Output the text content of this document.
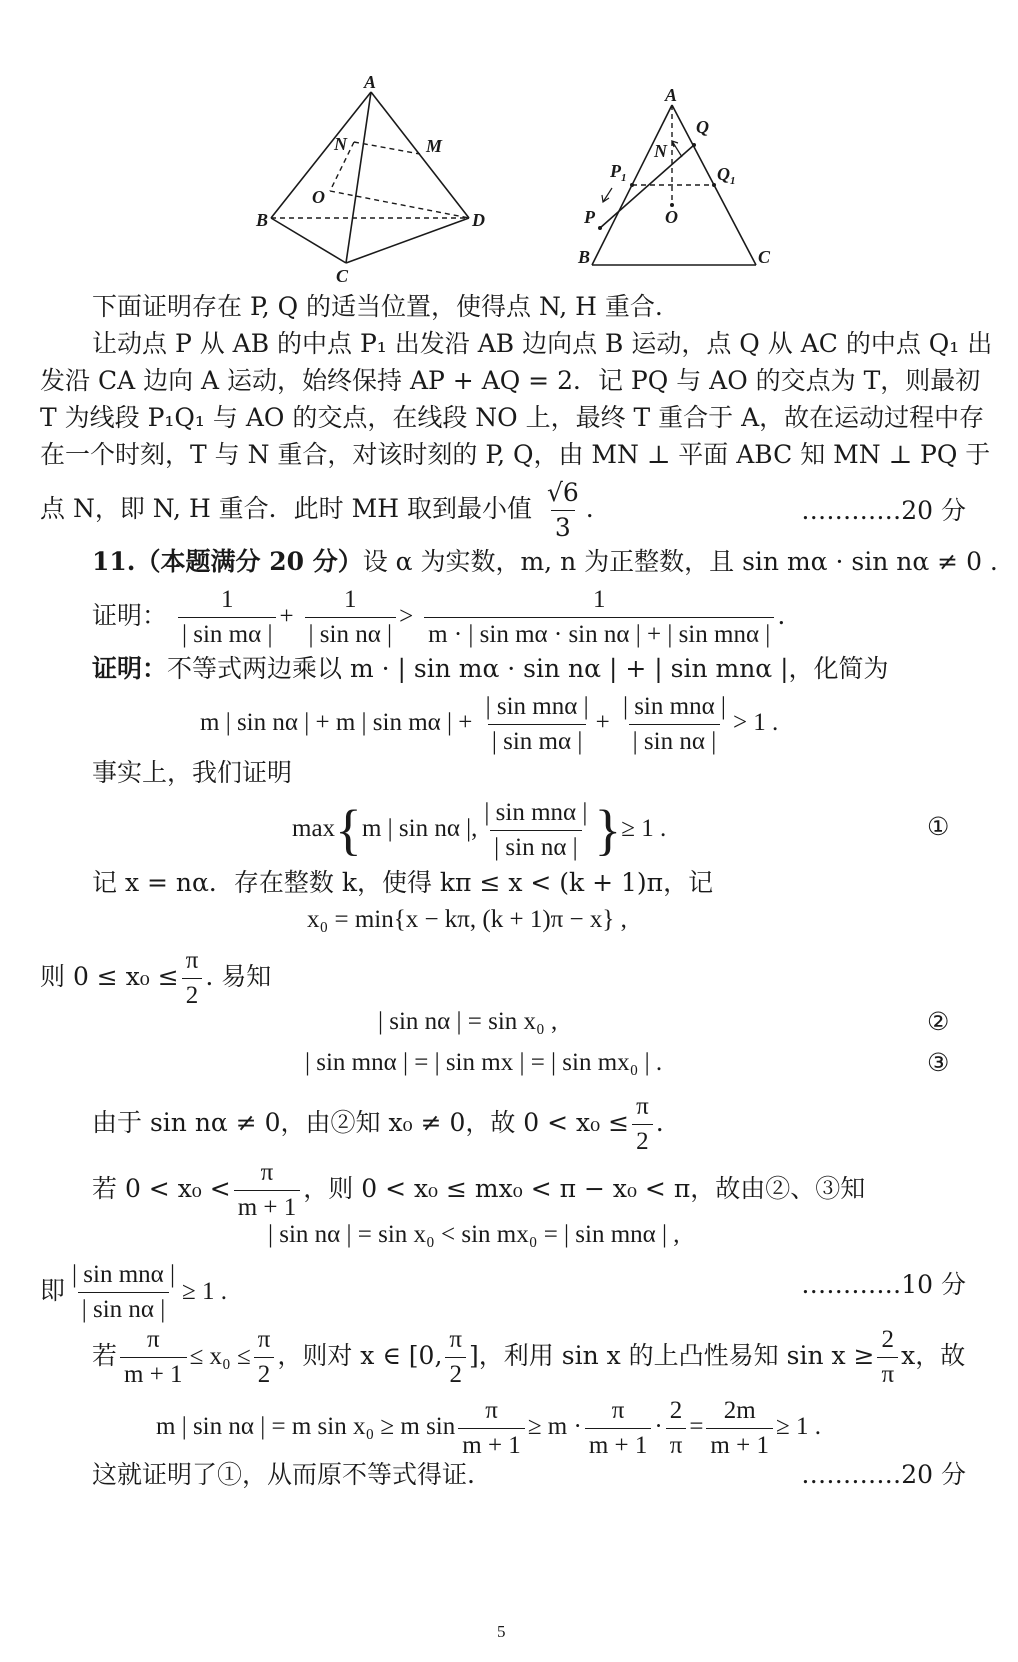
A
B
C
D
M
N
O
A
B	C
Q
N
$P_1$	$Q_1$
P	O
下面证明存在 P, Q 的适当位置，使得点 N, H 重合.
让动点 P 从 AB 的中点 P₁ 出发沿 AB 边向点 B 运动，点 Q 从 AC 的中点 Q₁ 出
发沿 CA 边向 A 运动，始终保持 AP + AQ = 2．记 PQ 与 AO 的交点为 T，则最初
T 为线段 P₁Q₁ 与 AO 的交点，在线段 NO 上，最终 T 重合于 A，故在运动过程中存
在一个时刻，T 与 N 重合，对该时刻的 P, Q，由 MN ⊥ 平面 ABC 知 MN ⊥ PQ 于
点 N，即 N, H 重合．此时 MH 取到最小值 $\frac{√6}{3}$ .	…………20 分
11.（本题满分 20 分）设 α 为实数，m, n 为正整数，且 sin mα · sin nα ≠ 0 .
证明： $\frac{1}{\text{| sin mα |}} + \frac{1}{\text{| sin nα |}} > \frac{1}{\text{m · | sin mα · sin nα | + | sin mnα |}}$ .
证明：不等式两边乘以 m · | sin mα · sin nα | + | sin mnα |，化简为
m | sin nα | + m | sin mα | + $\frac{\text{| sin mnα |}}{\text{| sin mα |}} + \frac{\text{| sin mnα |}}{\text{| sin nα |}} > 1$ .
事实上，我们证明
max{m | sin nα |, $\frac{\text{| sin mnα |}}{\text{| sin nα |}}$ }≥ 1 .	①
记 x = nα．存在整数 k，使得 kπ ≤ x < (k + 1)π，记
x₀ = min{x − kπ, (k + 1)π − x} ,
则 $0 \le x_0 \le \frac{\pi}{2}$ . 易知
| sin nα | = sin x₀ ,	②
| sin mnα | = | sin mx | = | sin mx₀ | .	③
由于 sin nα ≠ 0，由②知 x₀ ≠ 0，故 $0 < x_0 \le \frac{\pi}{2}$ .
若 $0 < x_0 < \frac{\pi}{m + 1}$ ，则 0 < x₀ ≤ mx₀ < π − x₀ < π，故由②、③知
| sin nα | = sin x₀ < sin mx₀ = | sin mnα | ,
即 $\frac{\text{| sin mnα |}}{\text{| sin nα |}} \ge 1$ .	…………10 分
若 $\frac{\pi}{m + 1} \le x_0 \le \frac{\pi}{2}$ ，则对 x ∈ [0, $\frac{\pi}{2}$ ]，利用 sin x 的上凸性易知 $\sin x \ge \frac{2}{\pi}$ x，故
m | sin nα | = m sin x₀ ≥ m $\sin \frac{\pi}{m + 1} \ge m \cdot \frac{\pi}{m + 1} \cdot \frac{2}{\pi} = \frac{2m}{m + 1} \ge 1$ .
这就证明了①，从而原不等式得证.	…………20 分
5
